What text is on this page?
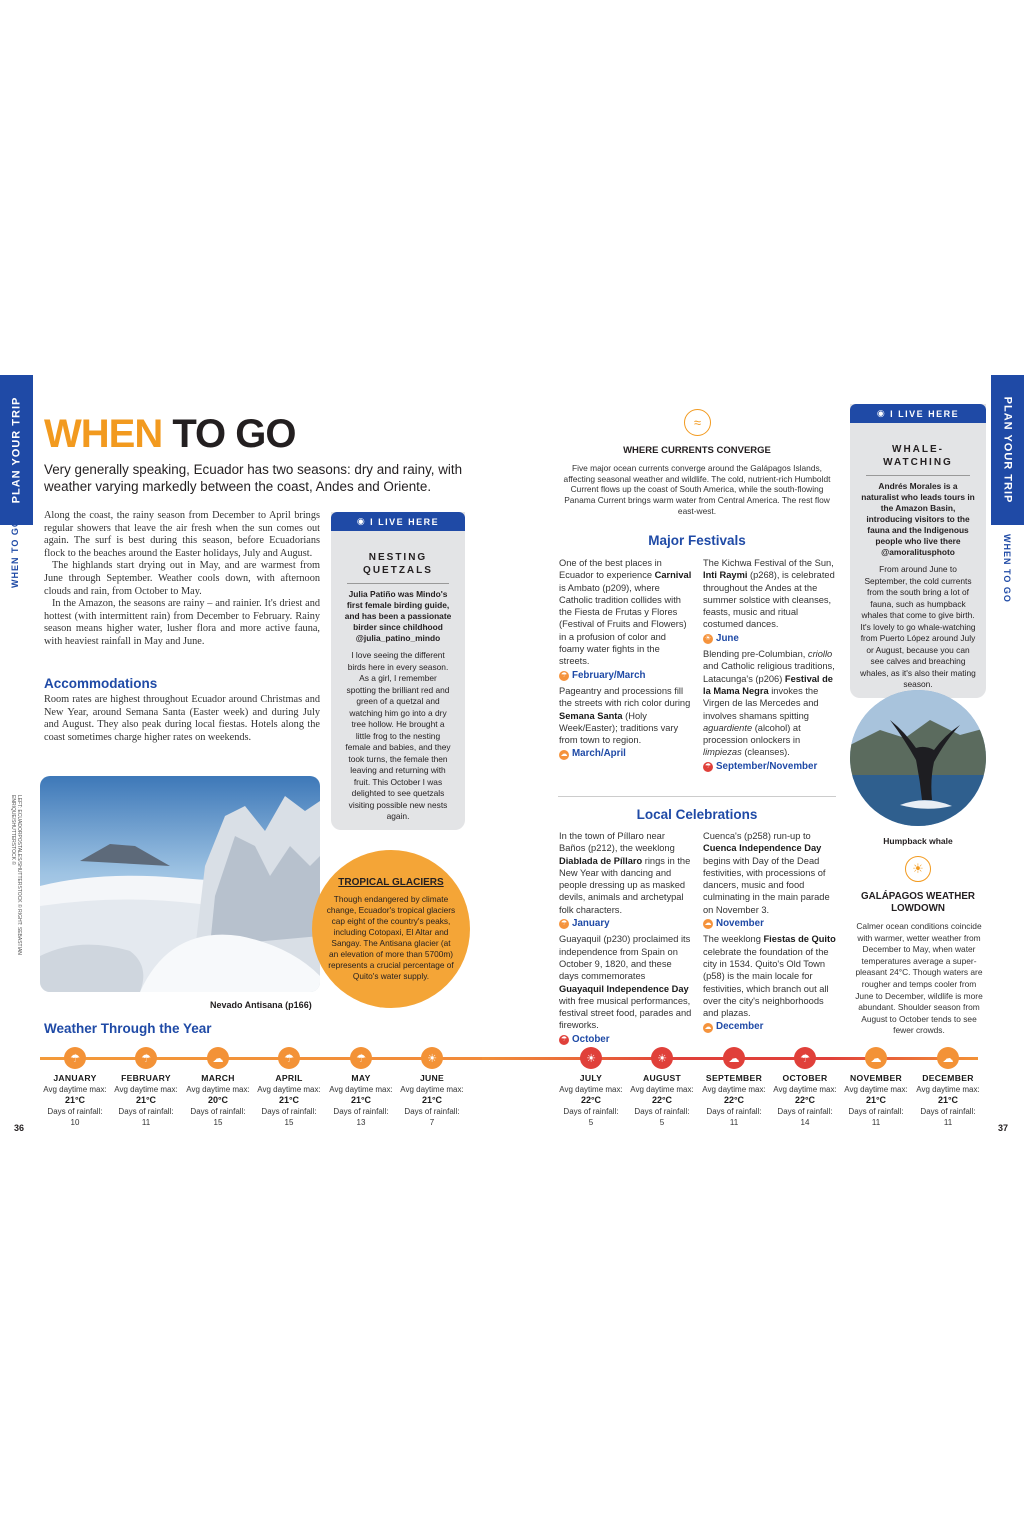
PLAN YOUR TRIP
WHEN TO GO
PLAN YOUR TRIP
WHEN TO GO
WHEN TO GO
Very generally speaking, Ecuador has two seasons: dry and rainy, with weather varying markedly between the coast, Andes and Oriente.

Along the coast, the rainy season from December to April brings regular showers that leave the air fresh when the sun comes out again. The surf is best during this season, before Ecuadorians flock to the beaches around the Easter holidays, July and August.

The highlands start drying out in May, and are warmest from June through September. Weather cools down, with afternoon clouds and rain, from October to May.

In the Amazon, the seasons are rainy – and rainier. It's driest and hottest (with intermittent rain) from December to February. Rainy season means higher water, lusher flora and more active fauna, with heaviest rainfall in May and June.

Accommodations
Room rates are highest throughout Ecuador around Christmas and New Year, around Semana Santa (Easter week) and during July and August. They also peak during local fiestas. Hotels along the coast sometimes charge higher rates on weekends.
Nevado Antisana (p166)
LEFT: ECUADORPOSTALES/SHUTTERSTOCK © RIGHT: SEBASTIAN ENRIQUE/SHUTTERSTOCK ©
◉ I LIVE HERE
NESTING QUETZALS
Julia Patiño was Mindo's first female birding guide, and has been a passionate birder since childhood @julia_patino_mindo
I love seeing the different birds here in every season. As a girl, I remember spotting the brilliant red and green of a quetzal and watching him go into a dry tree hollow. He brought a little frog to the nesting female and babies, and they took turns, the female then leaving and returning with fruit. This October I was delighted to see quetzals visiting possible new nests again.
TROPICAL GLACIERS
Though endangered by climate change, Ecuador's tropical glaciers cap eight of the country's peaks, including Cotopaxi, El Altar and Sangay. The Antisana glacier (at an elevation of more than 5700m) represents a crucial percentage of Quito's water supply.
≈
WHERE CURRENTS CONVERGE
Five major ocean currents converge around the Galápagos Islands, affecting seasonal weather and wildlife. The cold, nutrient-rich Humboldt Current flows up the coast of South America, while the south-flowing Panama Current brings warm water from Central America. The rest flow east-west.
Major Festivals
One of the best places in Ecuador to experience Carnival is Ambato (p209), where Catholic tradition collides with the Fiesta de Frutas y Flores (Festival of Fruits and Flowers) in a profusion of color and foamy water fights in the streets.
☂ February/March
Pageantry and processions fill the streets with rich color during Semana Santa (Holy Week/Easter); traditions vary from town to region.
☁ March/April
The Kichwa Festival of the Sun, Inti Raymi (p268), is celebrated throughout the Andes at the summer solstice with cleanses, feasts, music and ritual costumed dances.
☀ June
Blending pre-Columbian, criollo and Catholic religious traditions, Latacunga's (p206) Festival de la Mama Negra invokes the Virgen de las Mercedes and involves shamans spitting aguardiente (alcohol) at procession onlockers in limpiezas (cleanses).
☂ September/November
Local Celebrations
In the town of Píllaro near Baños (p212), the weeklong Diablada de Píllaro rings in the New Year with dancing and people dressing up as masked devils, animals and archetypal folk characters.
☂ January
Guayaquil (p230) proclaimed its independence from Spain on October 9, 1820, and these days commemorates Guayaquil Independence Day with free musical performances, festival street food, parades and fireworks.
☂ October
Cuenca's (p258) run-up to Cuenca Independence Day begins with Day of the Dead festivities, with processions of dancers, music and food culminating in the main parade on November 3.
☁ November
The weeklong Fiestas de Quito celebrate the foundation of the city in 1534. Quito's Old Town (p58) is the main locale for festivities, which branch out all over the city's neighborhoods and plazas.
☁ December
◉ I LIVE HERE
WHALE-WATCHING
Andrés Morales is a naturalist who leads tours in the Amazon Basin, introducing visitors to the fauna and the Indigenous people who live there @amoralitusphoto
From around June to September, the cold currents from the south bring a lot of fauna, such as humpback whales that come to give birth. It's lovely to go whale-watching from Puerto López around July or August, because you can see calves and breaching whales, as it's also their mating season.
Humpback whale
☀
GALÁPAGOS WEATHER LOWDOWN
Calmer ocean conditions coincide with warmer, wetter weather from December to May, when water temperatures average a super-pleasant 24°C. Though waters are rougher and temps cooler from June to December, wildlife is more abundant. Shoulder season from August to October tends to see fewer crowds.
Weather Through the Year
☂
JANUARY
Avg daytime max:
21°C
Days of rainfall:
10
☂
FEBRUARY
Avg daytime max:
21°C
Days of rainfall:
11
☁
MARCH
Avg daytime max:
20°C
Days of rainfall:
15
☂
APRIL
Avg daytime max:
21°C
Days of rainfall:
15
☂
MAY
Avg daytime max:
21°C
Days of rainfall:
13
☀
JUNE
Avg daytime max:
21°C
Days of rainfall:
7
☀
JULY
Avg daytime max:
22°C
Days of rainfall:
5
☀
AUGUST
Avg daytime max:
22°C
Days of rainfall:
5
☁
SEPTEMBER
Avg daytime max:
22°C
Days of rainfall:
11
☂
OCTOBER
Avg daytime max:
22°C
Days of rainfall:
14
☁
NOVEMBER
Avg daytime max:
21°C
Days of rainfall:
11
☁
DECEMBER
Avg daytime max:
21°C
Days of rainfall:
11
36	37
